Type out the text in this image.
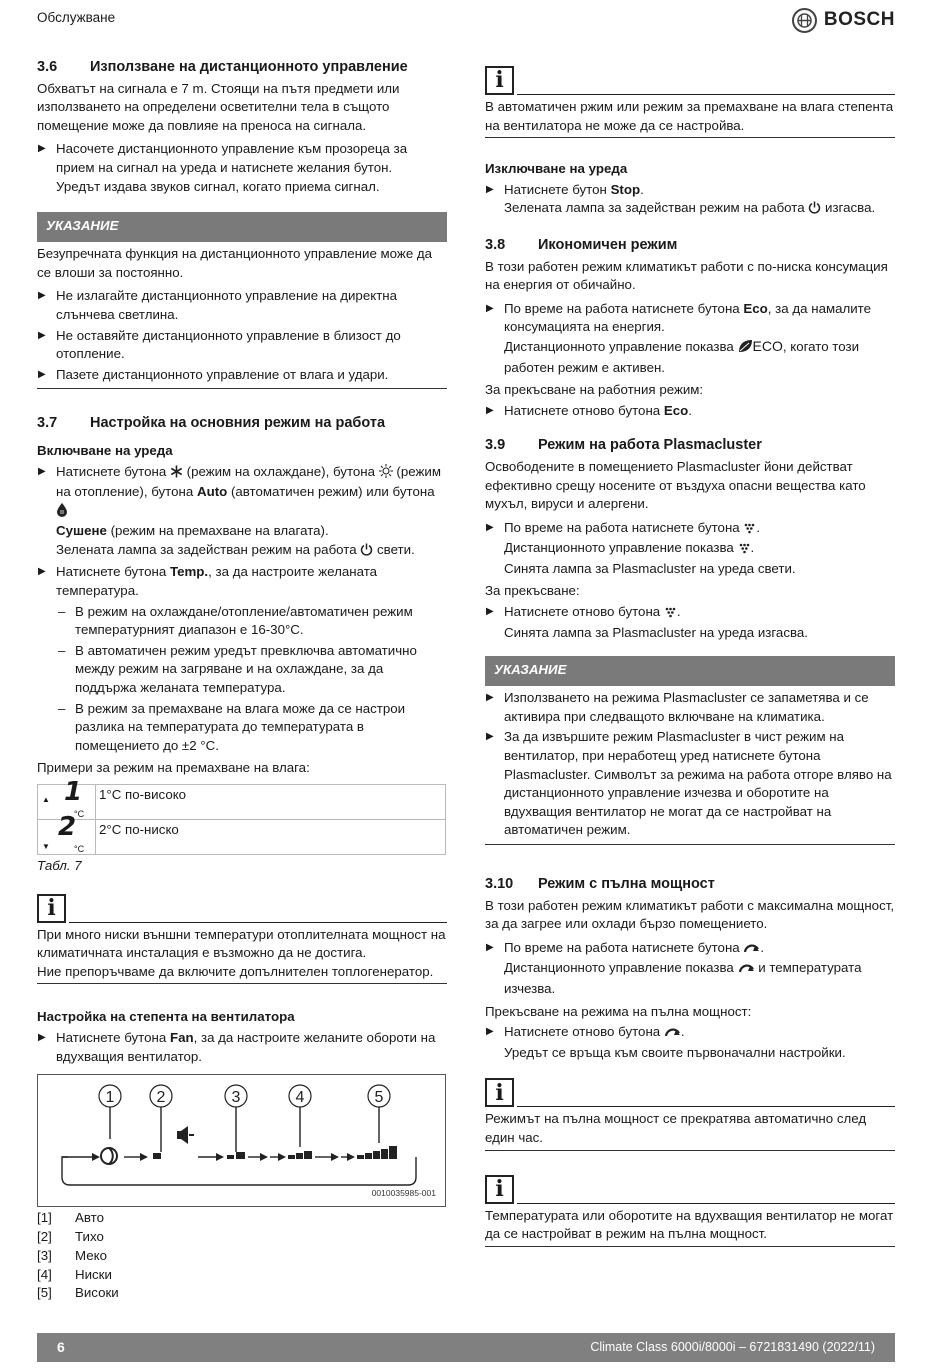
Обслужване	BOSCH
3.6	Използване на дистанционното управление

Обхватът на сигнала е 7 m. Стоящи на пътя предмети или използването на определени осветителни тела в същото помещение може да повлияе на преноса на сигнала.

▶ Насочете дистанционното управление към прозореца за прием на сигнал на уреда и натиснете желания бутон.
Уредът издава звуков сигнал, когато приема сигнал.
УКАЗАНИЕ

Безупречната функция на дистанционното управление може да се влоши за постоянно.

▶ Не излагайте дистанционното управление на директна слънчева светлина.
▶ Не оставяйте дистанционното управление в близост до отопление.
▶ Пазете дистанционното управление от влага и удари.
3.7	Настройка на основния режим на работа
Включване на уреда
▶ Натиснете бутона (режим на охлаждане), бутона (режим на отопление), бутона Auto (автоматичен режим) или бутона
Сушене (режим на премахване на влагата).
Зелената лампа за задействан режим на работа свети.
▶ Натиснете бутона Temp., за да настроите желаната температура.
– В режим на охлаждане/отопление/автоматичен режим температурният диапазон е 16-30°C.
– В автоматичен режим уредът превключва автоматично между режим на загряване и на охлаждане, за да поддържа желаната температура.
– В режим за премахване на влага може да се настрои разлика на температурата до температурата в помещението до ±2 °C.

Примери за режим на премахване на влага:

▲ 1
°C	1°C по-високо

▼
2
°C	2°C по-ниско
Табл. 7
i

При много ниски външни температури отоплителната мощност на климатичната инсталация е възможно да не достига.

Ние препоръчваме да включите допълнителен топлогенератор.

Настройка на степента на вентилатора
▶ Натиснете бутона Fan, за да настроите желаните обороти на вдухващия вентилатор.
1	2	3	4	5
0010035985-001
[1]	Авто
[2]	Тихо
[3]	Меко
[4]	Ниски
[5]	Високи
i
В автоматичен ржим или режим за премахване на влага степента на вентилатора не може да се настройва.
Изключване на уреда
▶ Натиснете бутон Stop.
Зелената лампа за задействан режим на работа изгасва.
3.8	Икономичен режим

В този работен режим климатикът работи с по-ниска консумация на енергия от обичайно.

▶ По време на работа натиснете бутона Eco, за да намалите консумацията на енергия.
Дистанционното управление показва ECO, когато този работен режим е активен.

За прекъсване на работния режим:

▶ Натиснете отново бутона Eco.
3.9	Режим на работа Plasmacluster

Освободените в помещението Plasmacluster йони действат ефективно срещу носените от въздуха опасни вещества като мухъл, вируси и алергени.

▶ По време на работа натиснете бутона .
Дистанционното управление показва .
Синята лампа за Plasmacluster на уреда свети.

За прекъсване:

▶ Натиснете отново бутона .
Синята лампа за Plasmacluster на уреда изгасва.
УКАЗАНИЕ
▶ Използването на режима Plasmacluster се запаметява и се активира при следващото включване на климатика.
▶ За да извършите режим Plasmacluster в чист режим на вентилатор, при неработещ уред натиснете бутона Plasmacluster. Символът за режима на работа отгоре вляво на дистанционното управление изчезва и оборотите на вдухващия вентилатор не могат да се настройват на автоматичен режим.
3.10	Режим с пълна мощност

В този работен режим климатикът работи с максимална мощност, за да загрее или охлади бързо помещението.

▶ По време на работа натиснете бутона .
Дистанционното управление показва и температурата изчезва.

Прекъсване на режима на пълна мощност:

▶ Натиснете отново бутона .
Уредът се връща към своите първоначални настройки.
i
Режимът на пълна мощност се прекратява автоматично след един час.
i
Температурата или оборотите на вдухващия вентилатор не могат да се настройват в режим на пълна мощност.
6	Climate Class 6000i/8000i – 6721831490 (2022/11)
